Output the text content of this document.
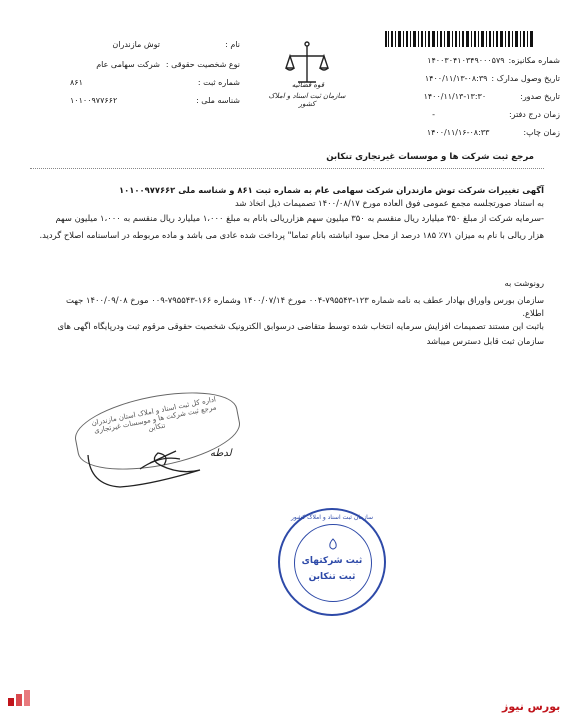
شماره مکانیزه:
۱۴۰۰۳۰۴۱۰۳۴۹۰۰۰۵۷۹
تاریخ وصول مدارک :
۱۴۰۰/۱۱/۱۳-۰۸:۳۹
تاریخ صدور:
۱۴۰۰/۱۱/۱۳-۱۳:۳۰
زمان درج دفتر:
-
زمان چاپ:
۱۴۰۰/۱۱/۱۶-۰۸:۳۳
قوه قضائیه
سازمان ثبت اسناد و املاک کشور
نام :
توش مازندران
نوع شخصیت حقوقی :
شرکت سهامی عام
شماره ثبت :
۸۶۱
شناسه ملی :
۱۰۱۰۰۹۷۷۶۶۲
مرجع ثبت شرکت ها و موسسات غیرتجاری تنکابن
آگهی تغییرات شرکت توش مازندران شرکت سهامی عام به شماره ثبت ۸۶۱ و شناسه ملی ۱۰۱۰۰۹۷۷۶۶۲
به استناد صورتجلسه مجمع عمومی فوق العاده مورخ ۱۴۰۰/۰۸/۱۷ تصمیمات ذیل اتخاذ شد
-سرمایه شرکت از مبلغ ۳۵۰ میلیارد ریال منقسم به ۳۵۰ میلیون سهم هزارریالی بانام به مبلغ ۱،۰۰۰ میلیارد ریال منقسم به ۱،۰۰۰ میلیون سهم
هزار ریالی با نام به میزان ۷۱٪ ۱۸۵ درصد از محل سود انباشته بانام تماما" پرداخت شده عادی می باشد و ماده مربوطه در اساسنامه اصلاح گردید.
رونوشت به
سازمان بورس واوراق بهادار عطف به نامه شماره ۱۲۳-۷۹۵۵۴۳-۰۰۴ مورخ ۱۴۰۰/۰۷/۱۴ وشماره ۱۶۶-۷۹۵۵۴۳-۰۰۹ مورخ ۱۴۰۰/۰۹/۰۸ جهت
اطلاع.
باثبت این مستند تصمیمات افزایش سرمایه انتخاب شده توسط متقاضی درسوابق الکترونیک شخصیت حقوقی مرقوم ثبت ودرپایگاه اگهی های
سازمان ثبت قابل دسترس میباشد
اداره کل ثبت اسناد و املاک استان مازندران مرجع ثبت شرکت ها و موسسات غیرتجاری تنکابن
لدطه
سازمان ثبت اسناد و املاک کشور
ثبت شرکتهای
ثبت تنکابن
بورس نیوز
